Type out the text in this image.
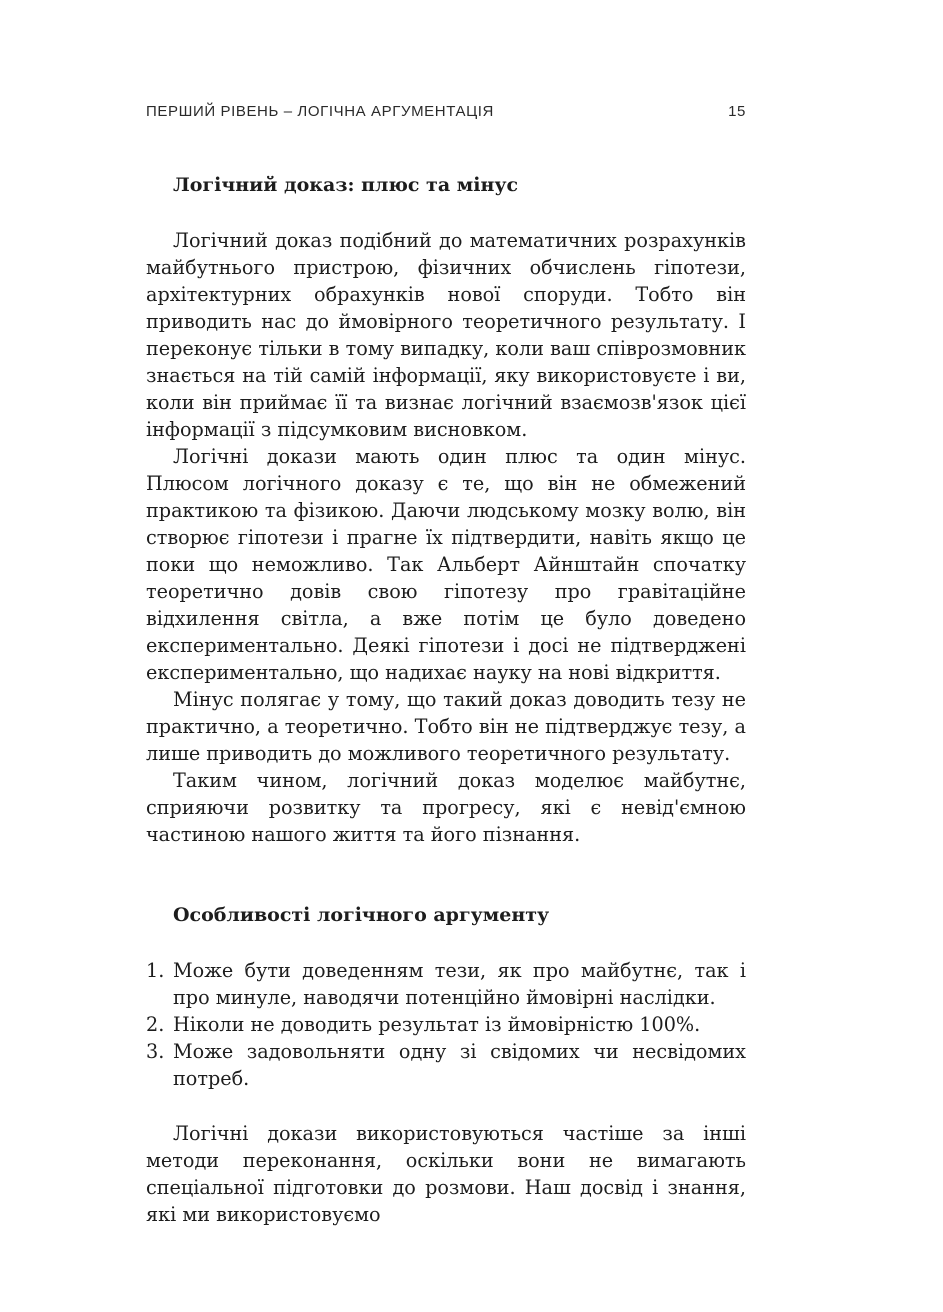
ПЕРШИЙ РІВЕНЬ – ЛОГІЧНА АРГУМЕНТАЦІЯ	15
Логічний доказ: плюс та мінус

Логічний доказ подібний до математичних розрахунків майбутнього пристрою, фізичних обчислень гіпотези, архітектурних обрахунків нової споруди. Тобто він приводить нас до ймовірного теоретичного результату. І переконує тільки в тому випадку, коли ваш співрозмовник знається на тій самій інформації, яку використовуєте і ви, коли він приймає її та визнає логічний взаємозв'язок цієї інформації з підсумковим висновком.

Логічні докази мають один плюс та один мінус. Плюсом логічного доказу є те, що він не обмежений практикою та фізикою. Даючи людському мозку волю, він створює гіпотези і прагне їх підтвердити, навіть якщо це поки що неможливо. Так Альберт Айнштайн спочатку теоретично довів свою гіпотезу про гравітаційне відхилення світла, а вже потім це було доведено експериментально. Деякі гіпотези і досі не підтверджені експериментально, що надихає науку на нові відкриття.

Мінус полягає у тому, що такий доказ доводить тезу не практично, а теоретично. Тобто він не підтверджує тезу, а лише приводить до можливого теоретичного результату.

Таким чином, логічний доказ моделює майбутнє, сприяючи розвитку та прогресу, які є невід'ємною частиною нашого життя та його пізнання.

Особливості логічного аргументу
1. Може бути доведенням тези, як про майбутнє, так і про минуле, наводячи потенційно ймовірні наслідки.
2. Ніколи не доводить результат із ймовірністю 100%.
3. Може задовольняти одну зі свідомих чи несвідомих потреб.

Логічні докази використовуються частіше за інші методи переконання, оскільки вони не вимагають спеціальної підготовки до розмови. Наш досвід і знання, які ми використовуємо
